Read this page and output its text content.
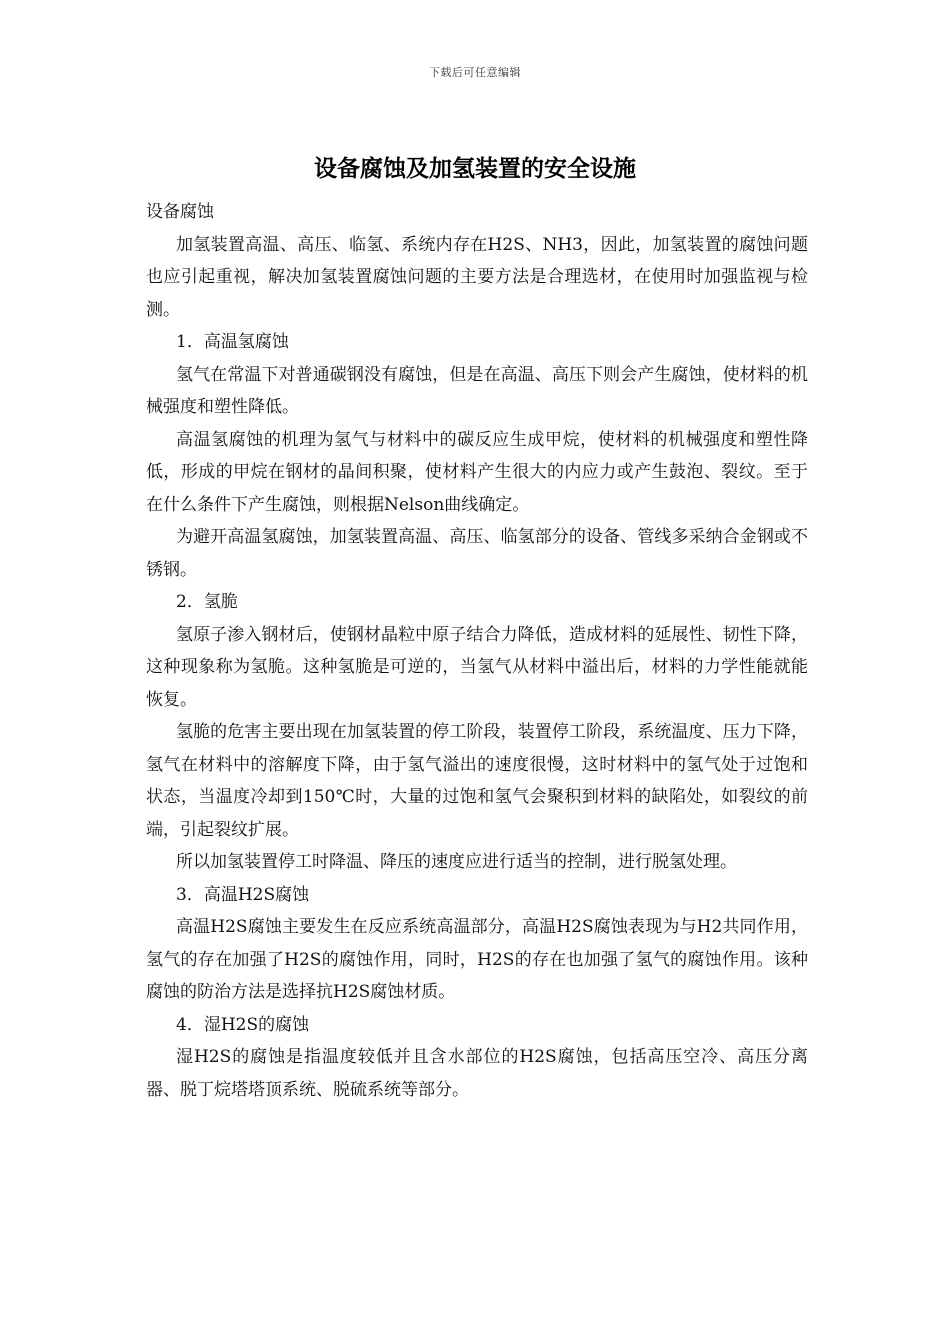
下载后可任意编辑
设备腐蚀及加氢装置的安全设施

设备腐蚀

加氢装置高温、高压、临氢、系统内存在H2S、NH3，因此，加氢装置的腐蚀问题也应引起重视，解决加氢装置腐蚀问题的主要方法是合理选材，在使用时加强监视与检测。

1．高温氢腐蚀

氢气在常温下对普通碳钢没有腐蚀，但是在高温、高压下则会产生腐蚀，使材料的机械强度和塑性降低。

高温氢腐蚀的机理为氢气与材料中的碳反应生成甲烷，使材料的机械强度和塑性降低，形成的甲烷在钢材的晶间积聚，使材料产生很大的内应力或产生鼓泡、裂纹。至于在什么条件下产生腐蚀，则根据Nelson曲线确定。

为避开高温氢腐蚀，加氢装置高温、高压、临氢部分的设备、管线多采纳合金钢或不锈钢。

2．氢脆

氢原子渗入钢材后，使钢材晶粒中原子结合力降低，造成材料的延展性、韧性下降，这种现象称为氢脆。这种氢脆是可逆的，当氢气从材料中溢出后，材料的力学性能就能恢复。

氢脆的危害主要出现在加氢装置的停工阶段，装置停工阶段，系统温度、压力下降，氢气在材料中的溶解度下降，由于氢气溢出的速度很慢，这时材料中的氢气处于过饱和状态，当温度冷却到150℃时，大量的过饱和氢气会聚积到材料的缺陷处，如裂纹的前端，引起裂纹扩展。

所以加氢装置停工时降温、降压的速度应进行适当的控制，进行脱氢处理。

3．高温H2S腐蚀

高温H2S腐蚀主要发生在反应系统高温部分，高温H2S腐蚀表现为与H2共同作用，氢气的存在加强了H2S的腐蚀作用，同时，H2S的存在也加强了氢气的腐蚀作用。该种腐蚀的防治方法是选择抗H2S腐蚀材质。

4．湿H2S的腐蚀

湿H2S的腐蚀是指温度较低并且含水部位的H2S腐蚀，包括高压空冷、高压分离器、脱丁烷塔塔顶系统、脱硫系统等部分。
